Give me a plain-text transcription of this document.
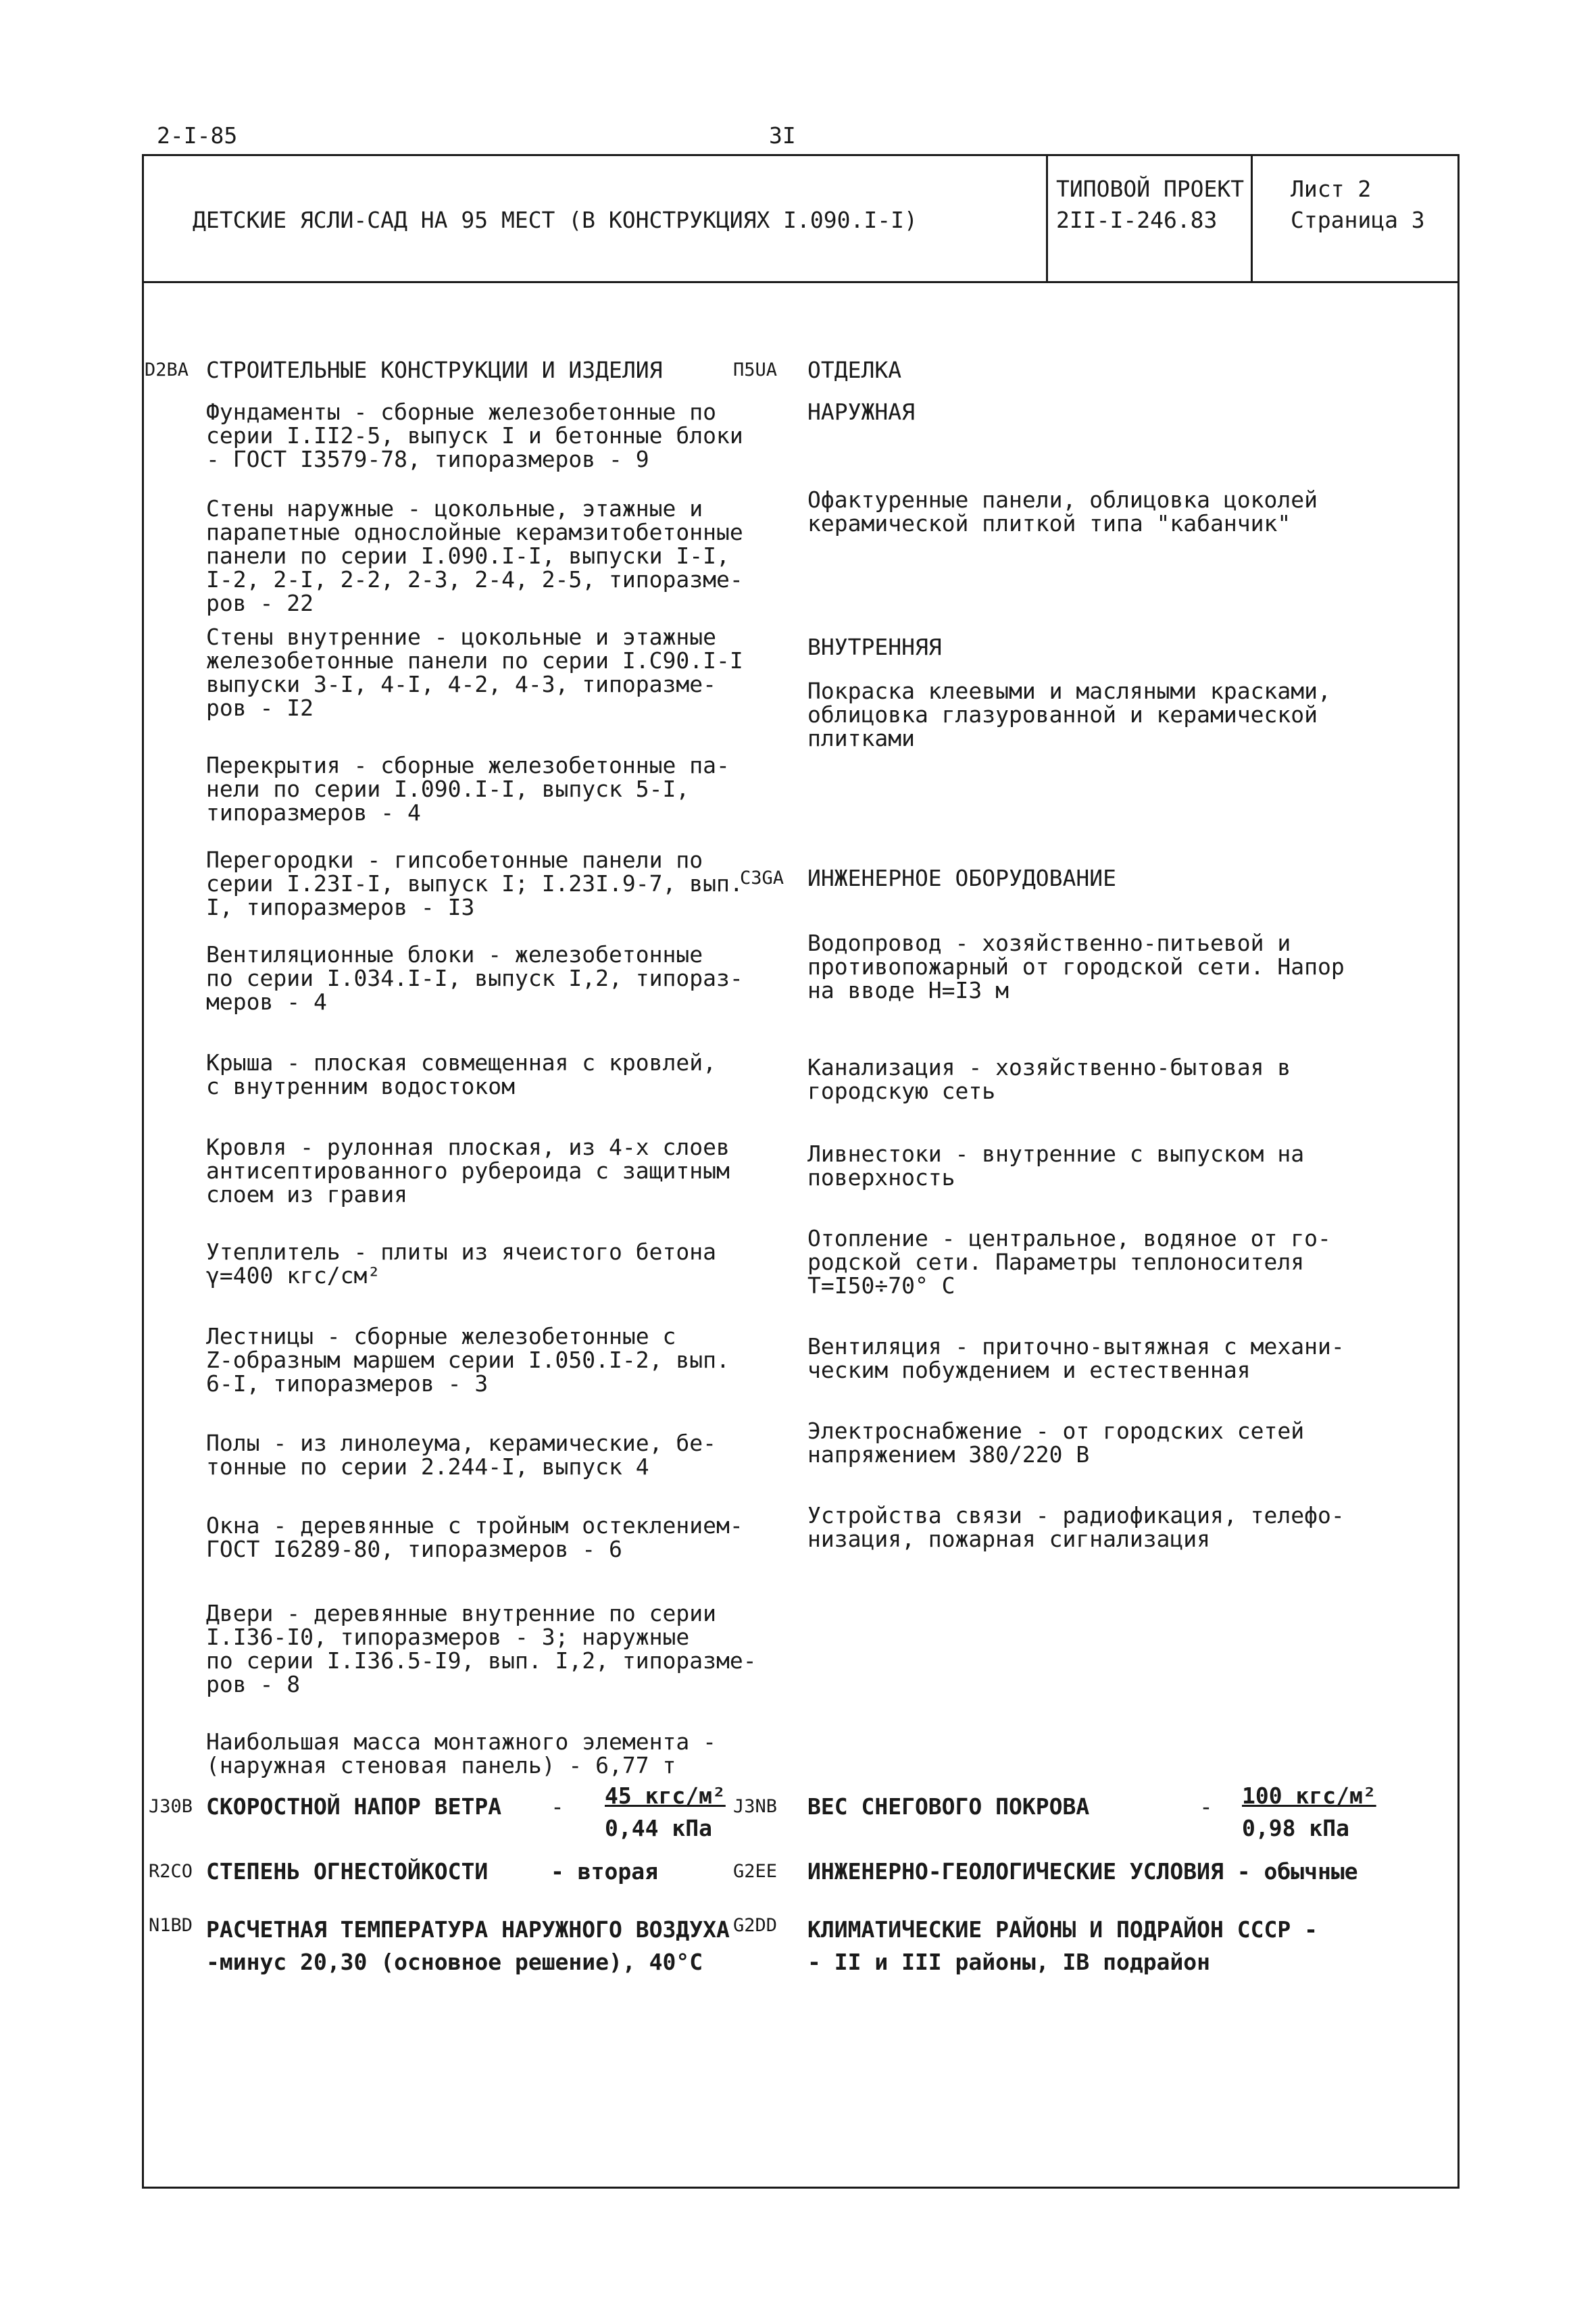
2-I-85	3I
ДЕТСКИЕ ЯСЛИ-САД НА 95 МЕСТ (В КОНСТРУКЦИЯХ I.090.I-I)
ТИПОВОЙ ПРОЕКТ
2II-I-246.83
Лист 2
Страница 3
D2BA СТРОИТЕЛЬНЫЕ КОНСТРУКЦИИ И ИЗДЕЛИЯ
Фундаменты - сборные железобетонные по
серии I.II2-5, выпуск I и бетонные блоки
- ГОСТ I3579-78, типоразмеров - 9
Стены наружные - цокольные, этажные и
парапетные однослойные керамзитобетонные
панели по серии I.090.I-I, выпуски I-I,
I-2, 2-I, 2-2, 2-3, 2-4, 2-5, типоразме-
ров - 22
Стены внутренние - цокольные и этажные
железобетонные панели по серии I.С90.I-I
выпуски 3-I, 4-I, 4-2, 4-3, типоразме-
ров - I2
Перекрытия - сборные железобетонные па-
нели по серии I.090.I-I, выпуск 5-I,
типоразмеров - 4
Перегородки - гипсобетонные панели по
серии I.23I-I, выпуск I; I.23I.9-7, вып.
I, типоразмеров - I3
Вентиляционные блоки - железобетонные
по серии I.034.I-I, выпуск I,2, типораз-
меров - 4
Крыша - плоская совмещенная с кровлей,
с внутренним водостоком
Кровля - рулонная плоская, из 4-х слоев
антисептированного рубероида с защитным
слоем из гравия
Утеплитель - плиты из ячеистого бетона
γ=400 кгс/см²
Лестницы - сборные железобетонные с
Z-образным маршем серии I.050.I-2, вып.
6-I, типоразмеров - 3
Полы - из линолеума, керамические, бе-
тонные по серии 2.244-I, выпуск 4
Окна - деревянные с тройным остеклением-
ГОСТ I6289-80, типоразмеров - 6
Двери - деревянные внутренние по серии
I.I36-I0, типоразмеров - 3; наружные
по серии I.I36.5-I9, вып. I,2, типоразме-
ров - 8
Наибольшая масса монтажного элемента -
(наружная стеновая панель) - 6,77 т
П5UA ОТДЕЛКА
НАРУЖНАЯ
Офактуренные панели, облицовка цоколей
керамической плиткой типа "кабанчик"
ВНУТРЕННЯЯ
Покраска клеевыми и масляными красками,
облицовка глазурованной и керамической
плитками
C3GA ИНЖЕНЕРНОЕ ОБОРУДОВАНИЕ
Водопровод - хозяйственно-питьевой и
противопожарный от городской сети. Напор
на вводе Н=I3 м
Канализация - хозяйственно-бытовая в
городскую сеть
Ливнестоки - внутренние с выпуском на
поверхность
Отопление - центральное, водяное от го-
родской сети. Параметры теплоносителя
Т=I50÷70° С
Вентиляция - приточно-вытяжная с механи-
ческим побуждением и естественная
Электроснабжение - от городских сетей
напряжением 380/220 В
Устройства связи - радиофикация, телефо-
низация, пожарная сигнализация
J30B СКОРОСТНОЙ НАПОР ВЕТРА - 45 кгс/м²
0,44 кПа
J3NB ВЕС СНЕГОВОГО ПОКРОВА	- 100 кгс/м²
0,98 кПа
R2CO СТЕПЕНЬ ОГНЕСТОЙКОСТИ	- вторая	G2EE ИНЖЕНЕРНО-ГЕОЛОГИЧЕСКИЕ УСЛОВИЯ - обычные
N1BD РАСЧЕТНАЯ ТЕМПЕРАТУРА НАРУЖНОГО ВОЗДУХА
-минус 20,30 (основное решение), 40°С
G2DD КЛИМАТИЧЕСКИЕ РАЙОНЫ И ПОДРАЙОН СССР -
- II и III районы, IВ подрайон
